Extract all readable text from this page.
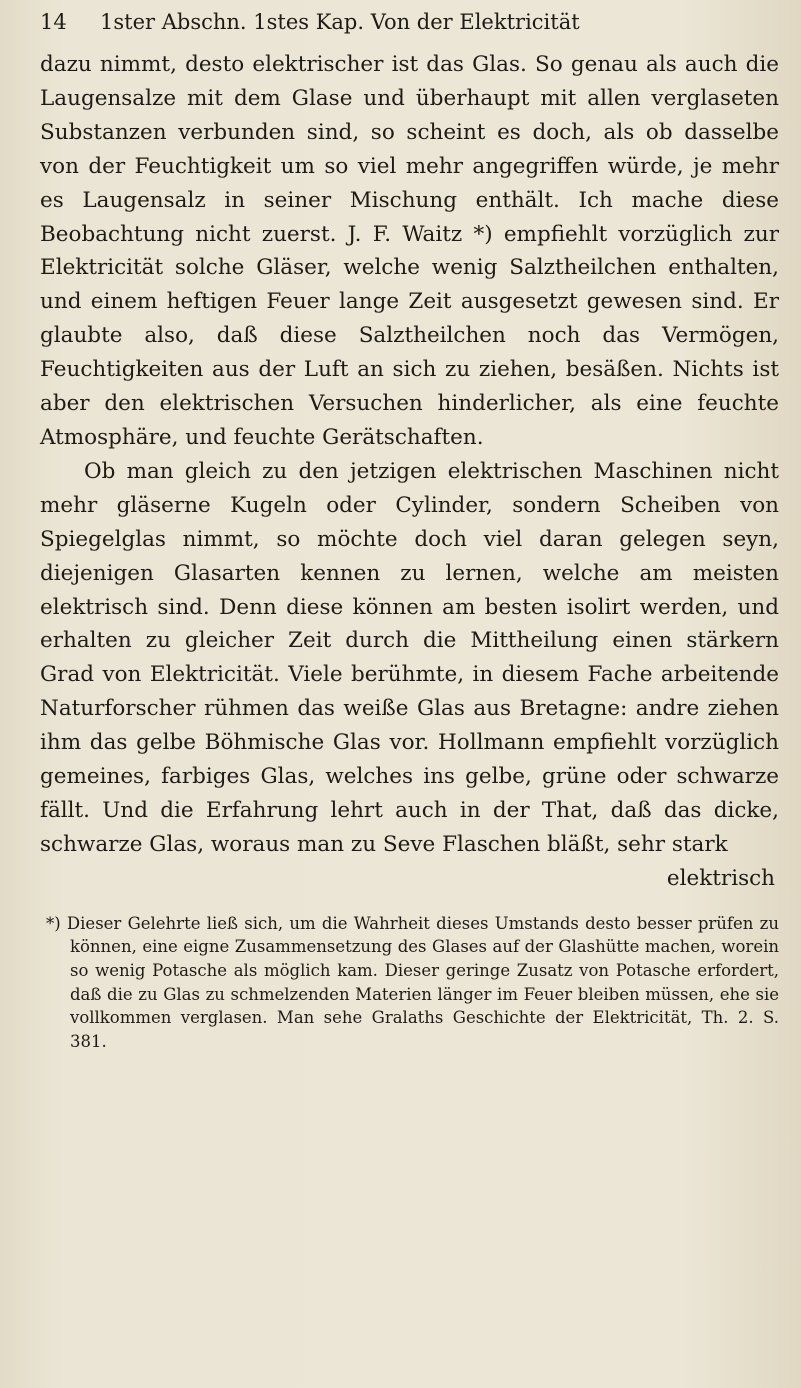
14	1ster Abschn. 1stes Kap. Von der Elektricität

dazu nimmt, desto elektrischer ist das Glas. So genau als auch die Laugensalze mit dem Glase und überhaupt mit allen verglaseten Substanzen verbunden sind, so scheint es doch, als ob dasselbe von der Feuchtigkeit um so viel mehr angegriffen würde, je mehr es Laugensalz in seiner Mischung enthält. Ich mache diese Beobachtung nicht zuerst. J. F. Waitz *) empfiehlt vorzüglich zur Elektricität solche Gläser, welche wenig Salztheilchen enthalten, und einem heftigen Feuer lange Zeit ausgesetzt gewesen sind. Er glaubte also, daß diese Salztheilchen noch das Vermögen, Feuchtigkeiten aus der Luft an sich zu ziehen, besäßen. Nichts ist aber den elektrischen Versuchen hinderlicher, als eine feuchte Atmosphäre, und feuchte Gerätschaften.

Ob man gleich zu den jetzigen elektrischen Maschinen nicht mehr gläserne Kugeln oder Cylinder, sondern Scheiben von Spiegelglas nimmt, so möchte doch viel daran gelegen seyn, diejenigen Glasarten kennen zu lernen, welche am meisten elektrisch sind. Denn diese können am besten isolirt werden, und erhalten zu gleicher Zeit durch die Mittheilung einen stärkern Grad von Elektricität. Viele berühmte, in diesem Fache arbeitende Naturforscher rühmen das weiße Glas aus Bretagne: andre ziehen ihm das gelbe Böhmische Glas vor. Hollmann empfiehlt vorzüglich gemeines, farbiges Glas, welches ins gelbe, grüne oder schwarze fällt. Und die Erfahrung lehrt auch in der That, daß das dicke, schwarze Glas, woraus man zu Seve Flaschen bläßt, sehr stark

elektrisch
*) Dieser Gelehrte ließ sich, um die Wahrheit dieses Umstands desto besser prüfen zu können, eine eigne Zusammensetzung des Glases auf der Glashütte machen, worein so wenig Potasche als möglich kam. Dieser geringe Zusatz von Potasche erfordert, daß die zu Glas zu schmelzenden Materien länger im Feuer bleiben müssen, ehe sie vollkommen verglasen. Man sehe Gralaths Geschichte der Elektricität, Th. 2. S. 381.
